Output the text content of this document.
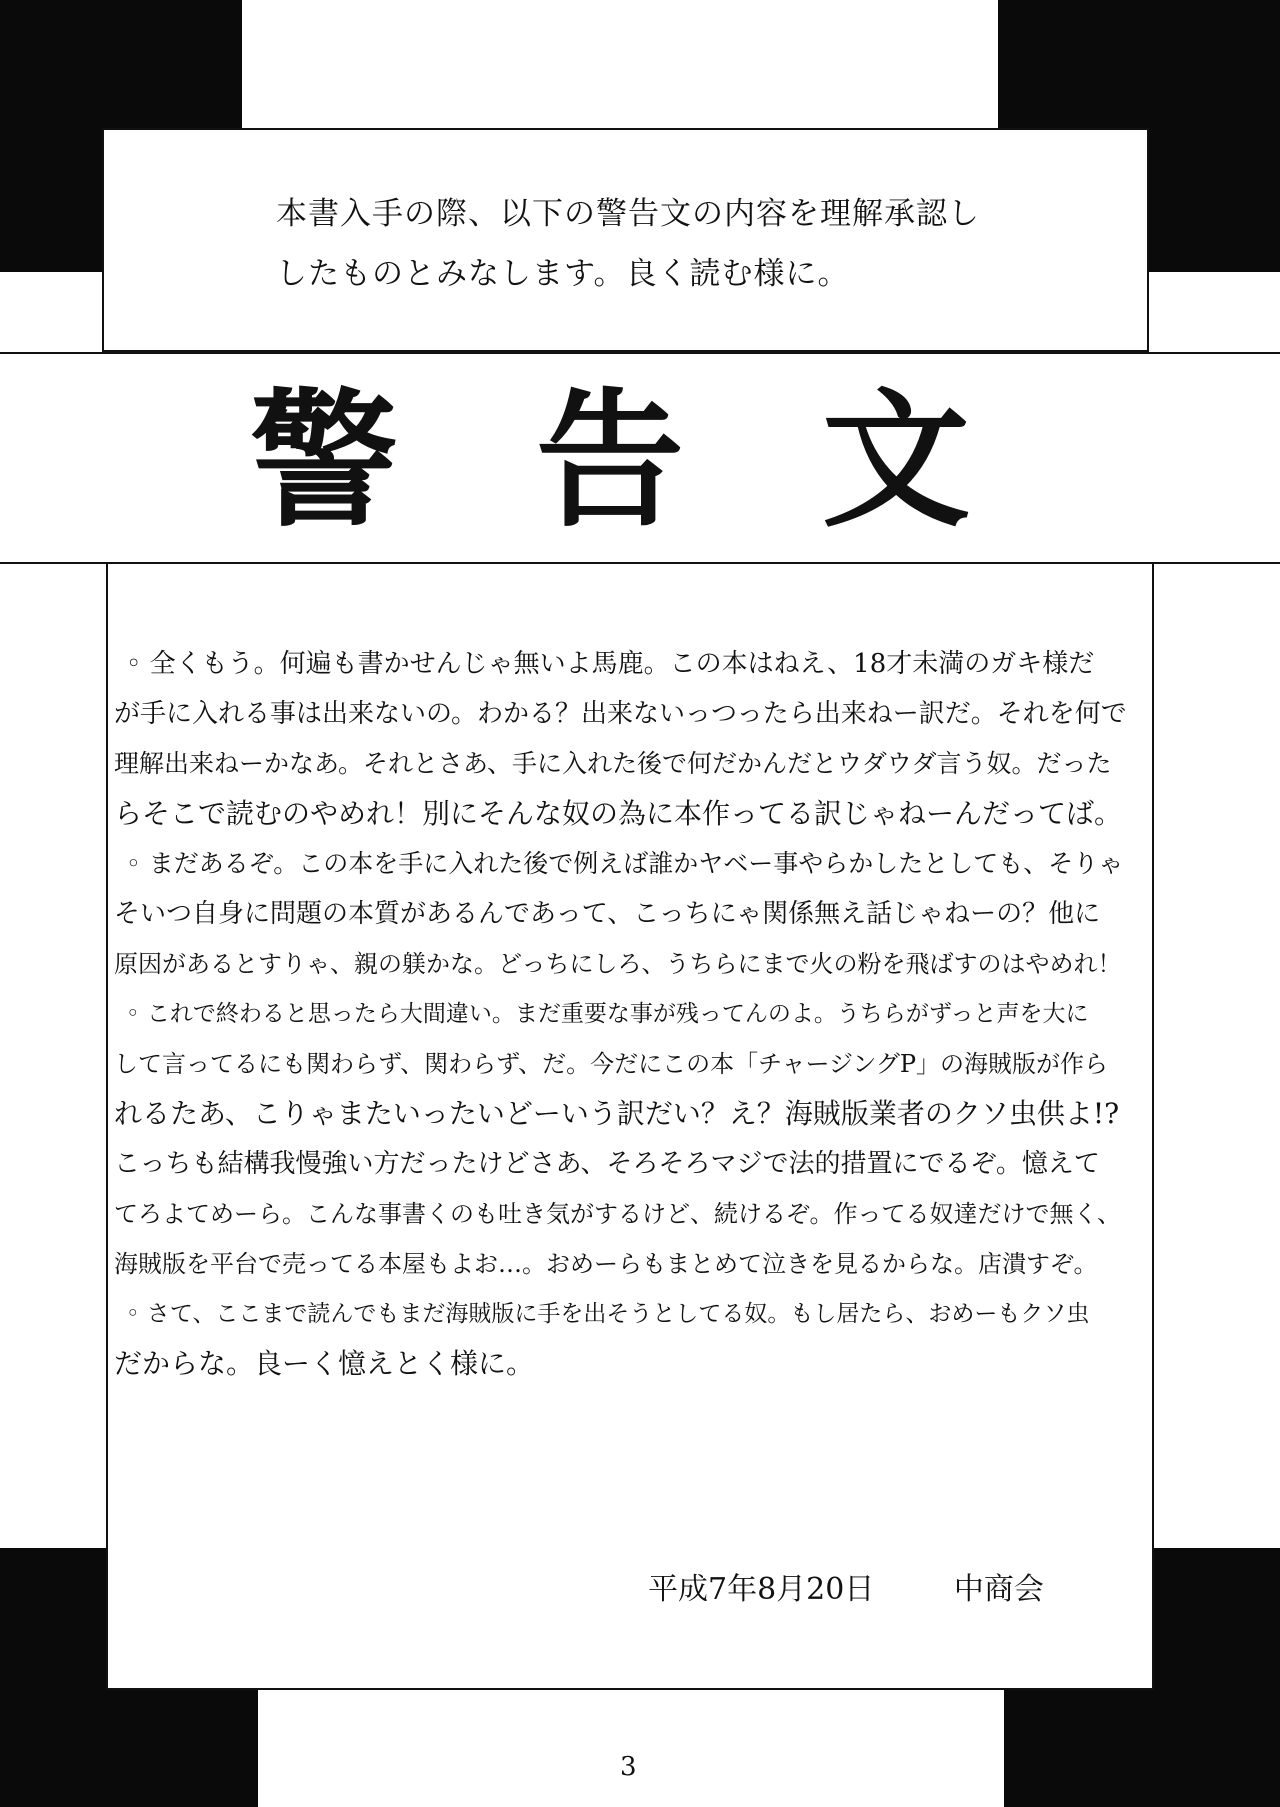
本書入手の際、以下の警告文の内容を理解承認し
したものとみなします。良く読む様に。
警 告 文
◦ 全くもう。何遍も書かせんじゃ無いよ馬鹿。この本はねえ、18才未満のガキ様だ
が手に入れる事は出来ないの。わかる？出来ないっつったら出来ねー訳だ。それを何で
理解出来ねーかなあ。それとさあ、手に入れた後で何だかんだとウダウダ言う奴。だった
らそこで読むのやめれ！別にそんな奴の為に本作ってる訳じゃねーんだってば。
◦ まだあるぞ。この本を手に入れた後で例えば誰かヤベー事やらかしたとしても、そりゃ
そいつ自身に問題の本質があるんであって、こっちにゃ関係無え話じゃねーの？他に
原因があるとすりゃ、親の躾かな。どっちにしろ、うちらにまで火の粉を飛ばすのはやめれ！
◦ これで終わると思ったら大間違い。まだ重要な事が残ってんのよ。うちらがずっと声を大に
して言ってるにも関わらず、関わらず、だ。今だにこの本「チャージングP」の海賊版が作ら
れるたあ、こりゃまたいったいどーいう訳だい？え？海賊版業者のクソ虫供よ!?
こっちも結構我慢強い方だったけどさあ、そろそろマジで法的措置にでるぞ。憶えて
てろよてめーら。こんな事書くのも吐き気がするけど、続けるぞ。作ってる奴達だけで無く、
海賊版を平台で売ってる本屋もよお…。おめーらもまとめて泣きを見るからな。店潰すぞ。
◦ さて、ここまで読んでもまだ海賊版に手を出そうとしてる奴。もし居たら、おめーもクソ虫
だからな。良ーく憶えとく様に。
平成7年8月20日	中商会
3
